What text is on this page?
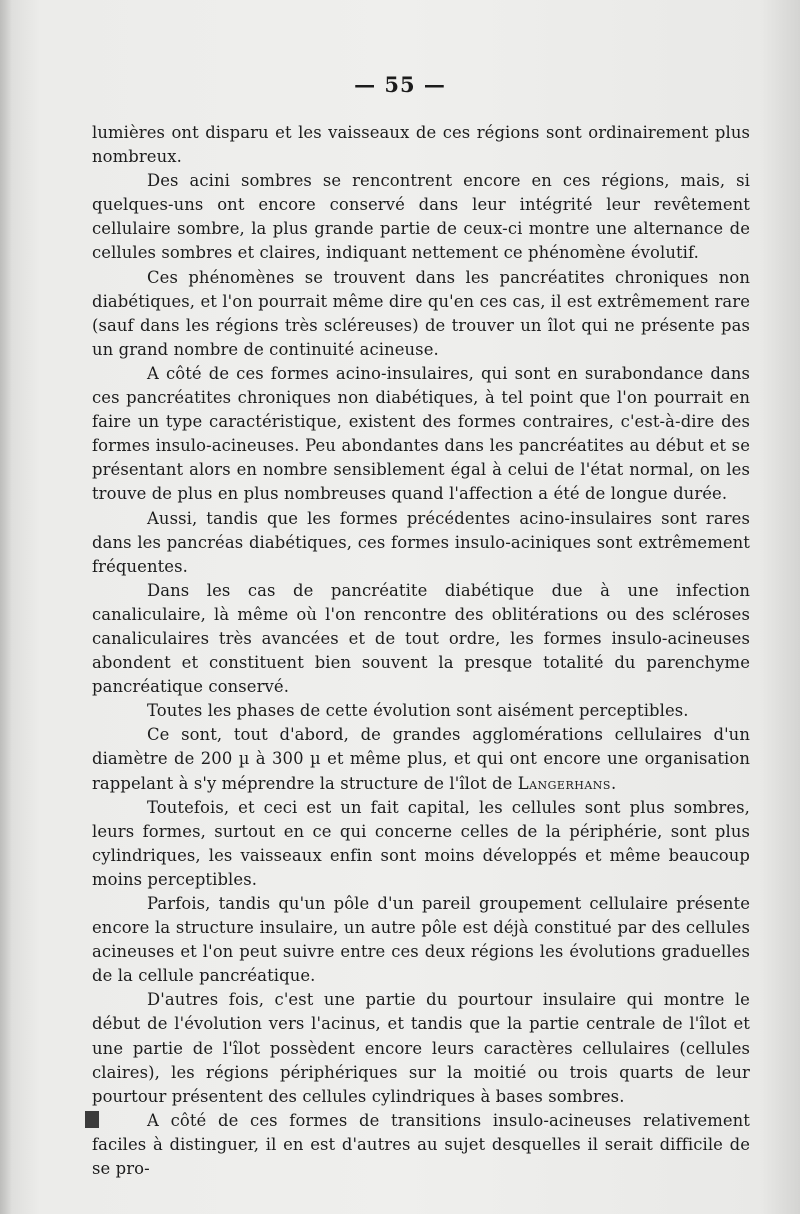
— 55 —

lumières ont disparu et les vaisseaux de ces régions sont ordinairement plus nombreux.

Des acini sombres se rencontrent encore en ces régions, mais, si quelques-uns ont encore conservé dans leur intégrité leur revêtement cellulaire sombre, la plus grande partie de ceux-ci montre une alternance de cellules sombres et claires, indiquant nettement ce phénomène évolutif.

Ces phénomènes se trouvent dans les pancréatites chroniques non diabétiques, et l'on pourrait même dire qu'en ces cas, il est extrêmement rare (sauf dans les régions très scléreuses) de trouver un îlot qui ne présente pas un grand nombre de continuité acineuse.

A côté de ces formes acino-insulaires, qui sont en surabondance dans ces pancréatites chroniques non diabétiques, à tel point que l'on pourrait en faire un type caractéristique, existent des formes contraires, c'est-à-dire des formes insulo-acineuses. Peu abondantes dans les pancréatites au début et se présentant alors en nombre sensiblement égal à celui de l'état normal, on les trouve de plus en plus nombreuses quand l'affection a été de longue durée.

Aussi, tandis que les formes précédentes acino-insulaires sont rares dans les pancréas diabétiques, ces formes insulo-aciniques sont extrêmement fréquentes.

Dans les cas de pancréatite diabétique due à une infection canaliculaire, là même où l'on rencontre des oblitérations ou des scléroses canaliculaires très avancées et de tout ordre, les formes insulo-acineuses abondent et constituent bien souvent la presque totalité du parenchyme pancréatique conservé.

Toutes les phases de cette évolution sont aisément perceptibles.

Ce sont, tout d'abord, de grandes agglomérations cellulaires d'un diamètre de 200 µ à 300 µ et même plus, et qui ont encore une organisation rappelant à s'y méprendre la structure de l'îlot de Langerhans.

Toutefois, et ceci est un fait capital, les cellules sont plus sombres, leurs formes, surtout en ce qui concerne celles de la périphérie, sont plus cylindriques, les vaisseaux enfin sont moins développés et même beaucoup moins perceptibles.

Parfois, tandis qu'un pôle d'un pareil groupement cellulaire présente encore la structure insulaire, un autre pôle est déjà constitué par des cellules acineuses et l'on peut suivre entre ces deux régions les évolutions graduelles de la cellule pancréatique.

D'autres fois, c'est une partie du pourtour insulaire qui montre le début de l'évolution vers l'acinus, et tandis que la partie centrale de l'îlot et une partie de l'îlot possèdent encore leurs caractères cellulaires (cellules claires), les régions périphériques sur la moitié ou trois quarts de leur pourtour présentent des cellules cylindriques à bases sombres.

A côté de ces formes de transitions insulo-acineuses relativement faciles à distinguer, il en est d'autres au sujet desquelles il serait difficile de se pro-
